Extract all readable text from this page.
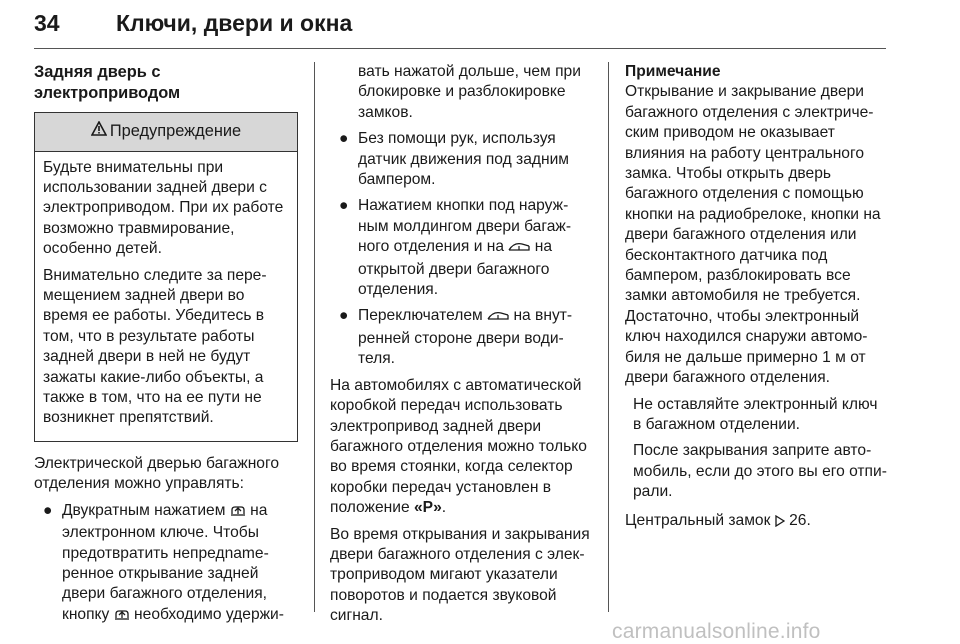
34 Ключи, двери и окна
Задняя дверь с
электроприводом
Предупреждение

Будьте внимательны при использовании задней двери с электроприводом. При их работе возможно травмирование, особенно детей.

Внимательно следите за перемещением задней двери во время ее работы. Убедитесь в том, что в результате работы задней двери в ней не будут зажаты какие-либо объекты, а также в том, что на ее пути не возникнет препятствий.

Электрической дверью багажного отделения можно управлять:

● Двукратным нажатием на электронном ключе. Чтобы предотвратить непредnameренное открывание задней двери багажного отделения, кнопку необходимо удержи-

вать нажатой дольше, чем при блокировке и разблокировке замков.

● Без помощи рук, используя датчик движения под задним бампером.
● Нажатием кнопки под наружным молдингом двери багажного отделения и на на открытой двери багажного отделения.
● Переключателем на внутренней стороне двери водителя.

На автомобилях с автоматической коробкой передач использовать электропривод задней двери багажного отделения можно только во время стоянки, когда селектор коробки передач установлен в положение «P».

Во время открывания и закрывания двери багажного отделения с электроприводом мигают указатели поворотов и подается звуковой сигнал.

Примечание

Открывание и закрывание двери багажного отделения с электрическим приводом не оказывает влияния на работу центрального замка. Чтобы открыть дверь багажного отделения с помощью кнопки на радиобрелоке, кнопки на двери багажного отделения или бесконтактного датчика под бампером, разблокировать все замки автомобиля не требуется. Достаточно, чтобы электронный ключ находился снаружи автомобиля не дальше примерно 1 м от двери багажного отделения.

Не оставляйте электронный ключ в багажном отделении.

После закрывания заприте автомобиль, если до этого вы его отпирали.

Центральный замок 26.

carmanualsonline.info
